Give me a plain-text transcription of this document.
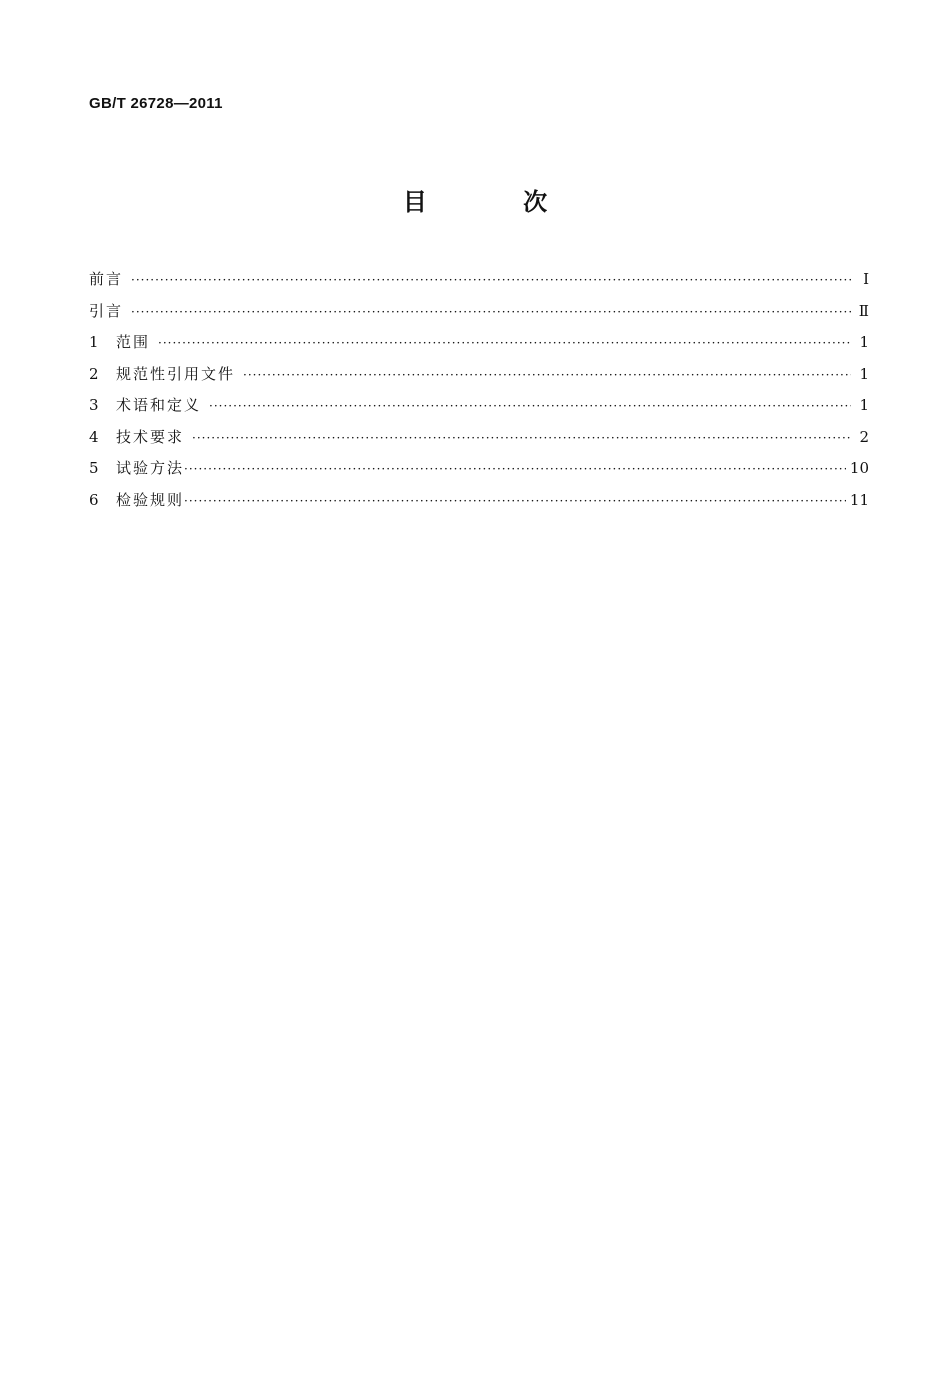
GB/T 26728—2011
目 次
前言 ·····	Ⅰ
引言 ·····	Ⅱ
1	范围 ·····	1
2	规范性引用文件 ·····	1
3	术语和定义 ·····	1
4	技术要求 ·····	2
5	试验方法 ·····	10
6	检验规则 ·····	11
